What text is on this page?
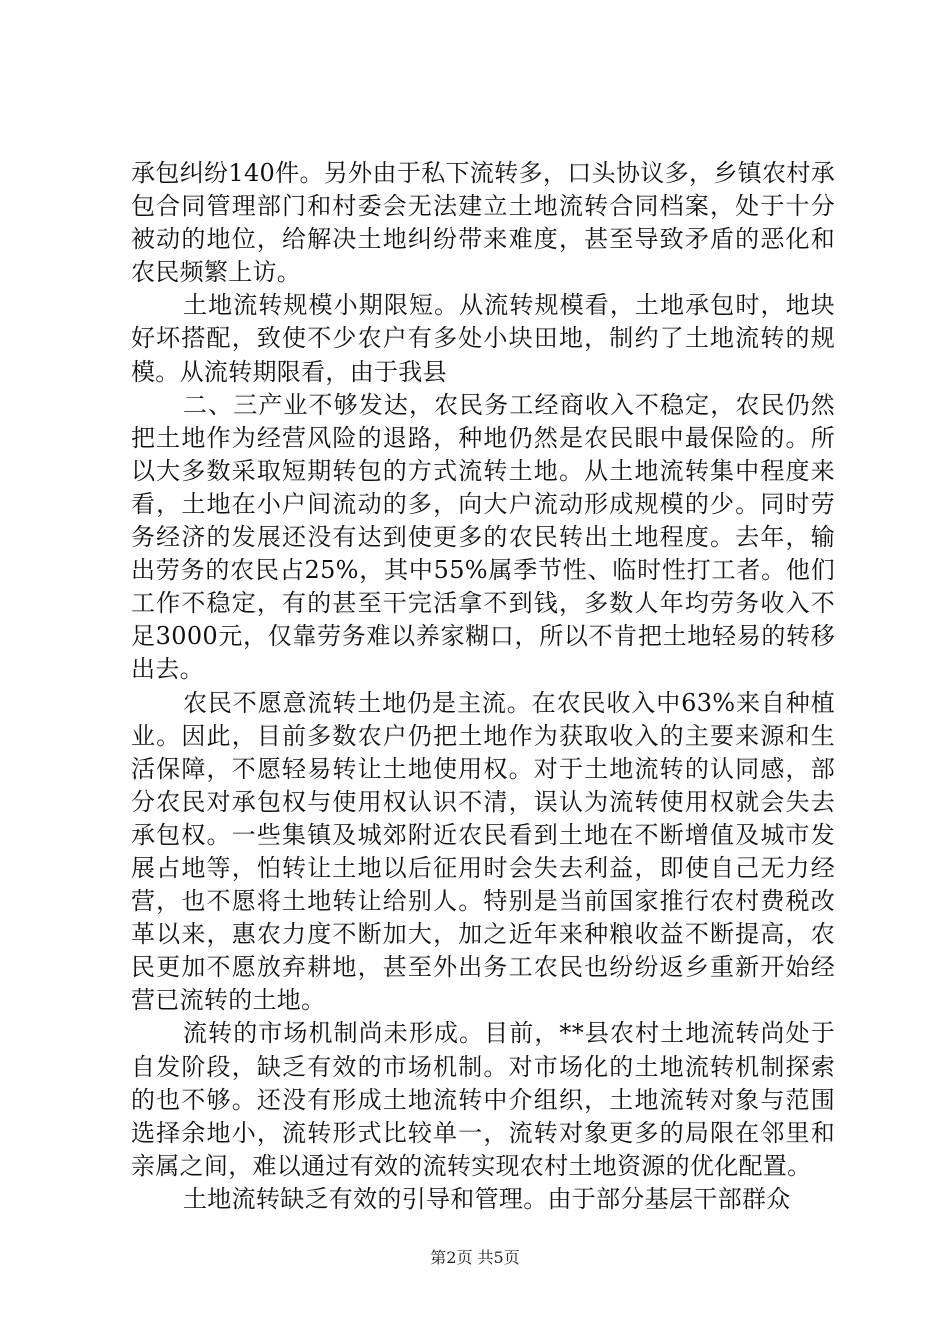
承包纠纷140件。另外由于私下流转多，口头协议多，乡镇农村承包合同管理部门和村委会无法建立土地流转合同档案，处于十分被动的地位，给解决土地纠纷带来难度，甚至导致矛盾的恶化和农民频繁上访。

土地流转规模小期限短。从流转规模看，土地承包时，地块好坏搭配，致使不少农户有多处小块田地，制约了土地流转的规模。从流转期限看，由于我县

二、三产业不够发达，农民务工经商收入不稳定，农民仍然把土地作为经营风险的退路，种地仍然是农民眼中最保险的。所以大多数采取短期转包的方式流转土地。从土地流转集中程度来看，土地在小户间流动的多，向大户流动形成规模的少。同时劳务经济的发展还没有达到使更多的农民转出土地程度。去年，输出劳务的农民占25%，其中55%属季节性、临时性打工者。他们工作不稳定，有的甚至干完活拿不到钱，多数人年均劳务收入不足3000元，仅靠劳务难以养家糊口，所以不肯把土地轻易的转移出去。

农民不愿意流转土地仍是主流。在农民收入中63%来自种植业。因此，目前多数农户仍把土地作为获取收入的主要来源和生活保障，不愿轻易转让土地使用权。对于土地流转的认同感，部分农民对承包权与使用权认识不清，误认为流转使用权就会失去承包权。一些集镇及城郊附近农民看到土地在不断增值及城市发展占地等，怕转让土地以后征用时会失去利益，即使自己无力经营，也不愿将土地转让给别人。特别是当前国家推行农村费税改革以来，惠农力度不断加大，加之近年来种粮收益不断提高，农民更加不愿放弃耕地，甚至外出务工农民也纷纷返乡重新开始经营已流转的土地。

流转的市场机制尚未形成。目前，**县农村土地流转尚处于自发阶段，缺乏有效的市场机制。对市场化的土地流转机制探索的也不够。还没有形成土地流转中介组织，土地流转对象与范围选择余地小，流转形式比较单一，流转对象更多的局限在邻里和亲属之间，难以通过有效的流转实现农村土地资源的优化配置。

土地流转缺乏有效的引导和管理。由于部分基层干部群众

第2页 共5页
